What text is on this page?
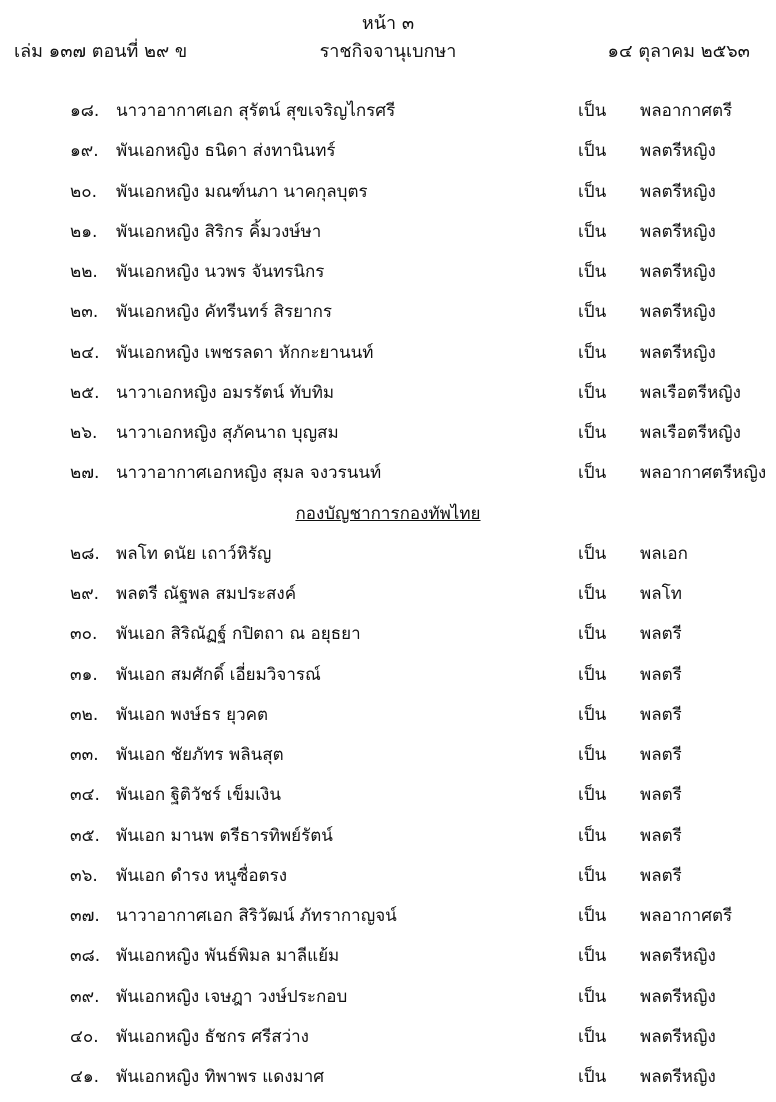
หน้า ๓
เล่ม ๑๓๗ ตอนที่ ๒๙ ข	ราชกิจจานุเบกษา	๑๔ ตุลาคม ๒๕๖๓
๑๘. นาวาอากาศเอก สุรัตน์ สุขเจริญไกรศรี	เป็น พลอากาศตรี
๑๙. พันเอกหญิง ธนิดา ส่งทานินทร์	เป็น พลตรีหญิง
๒๐. พันเอกหญิง มณฑ์นภา นาคกุลบุตร	เป็น พลตรีหญิง
๒๑. พันเอกหญิง สิริกร คิ้มวงษ์ษา	เป็น พลตรีหญิง
๒๒. พันเอกหญิง นวพร จันทรนิกร	เป็น พลตรีหญิง
๒๓. พันเอกหญิง คัทรีนทร์ สิรยากร	เป็น พลตรีหญิง
๒๔. พันเอกหญิง เพชรลดา หักกะยานนท์	เป็น พลตรีหญิง
๒๕. นาวาเอกหญิง อมรรัตน์ ทับทิม	เป็น พลเรือตรีหญิง
๒๖. นาวาเอกหญิง สุภัคนาถ บุญสม	เป็น พลเรือตรีหญิง
๒๗. นาวาอากาศเอกหญิง สุมล จงวรนนท์	เป็น พลอากาศตรีหญิง
กองบัญชาการกองทัพไทย
๒๘. พลโท ดนัย เถาว์หิรัญ	เป็น พลเอก
๒๙. พลตรี ณัฐพล สมประสงค์	เป็น พลโท
๓๐. พันเอก สิริณัฏฐ์ กปิตถา ณ อยุธยา	เป็น พลตรี
๓๑. พันเอก สมศักดิ์ เอี่ยมวิจารณ์	เป็น พลตรี
๓๒. พันเอก พงษ์ธร ยุวคต	เป็น พลตรี
๓๓. พันเอก ชัยภัทร พลินสุต	เป็น พลตรี
๓๔. พันเอก ฐิติวัชร์ เข็มเงิน	เป็น พลตรี
๓๕. พันเอก มานพ ตรีธารทิพย์รัตน์	เป็น พลตรี
๓๖. พันเอก ดำรง หนูซื่อตรง	เป็น พลตรี
๓๗. นาวาอากาศเอก สิริวัฒน์ ภัทรากาญจน์	เป็น พลอากาศตรี
๓๘. พันเอกหญิง พันธ์พิมล มาลีแย้ม	เป็น พลตรีหญิง
๓๙. พันเอกหญิง เจษฎา วงษ์ประกอบ	เป็น พลตรีหญิง
๔๐. พันเอกหญิง ธัชกร ศรีสว่าง	เป็น พลตรีหญิง
๔๑. พันเอกหญิง ทิพาพร แดงมาศ	เป็น พลตรีหญิง
